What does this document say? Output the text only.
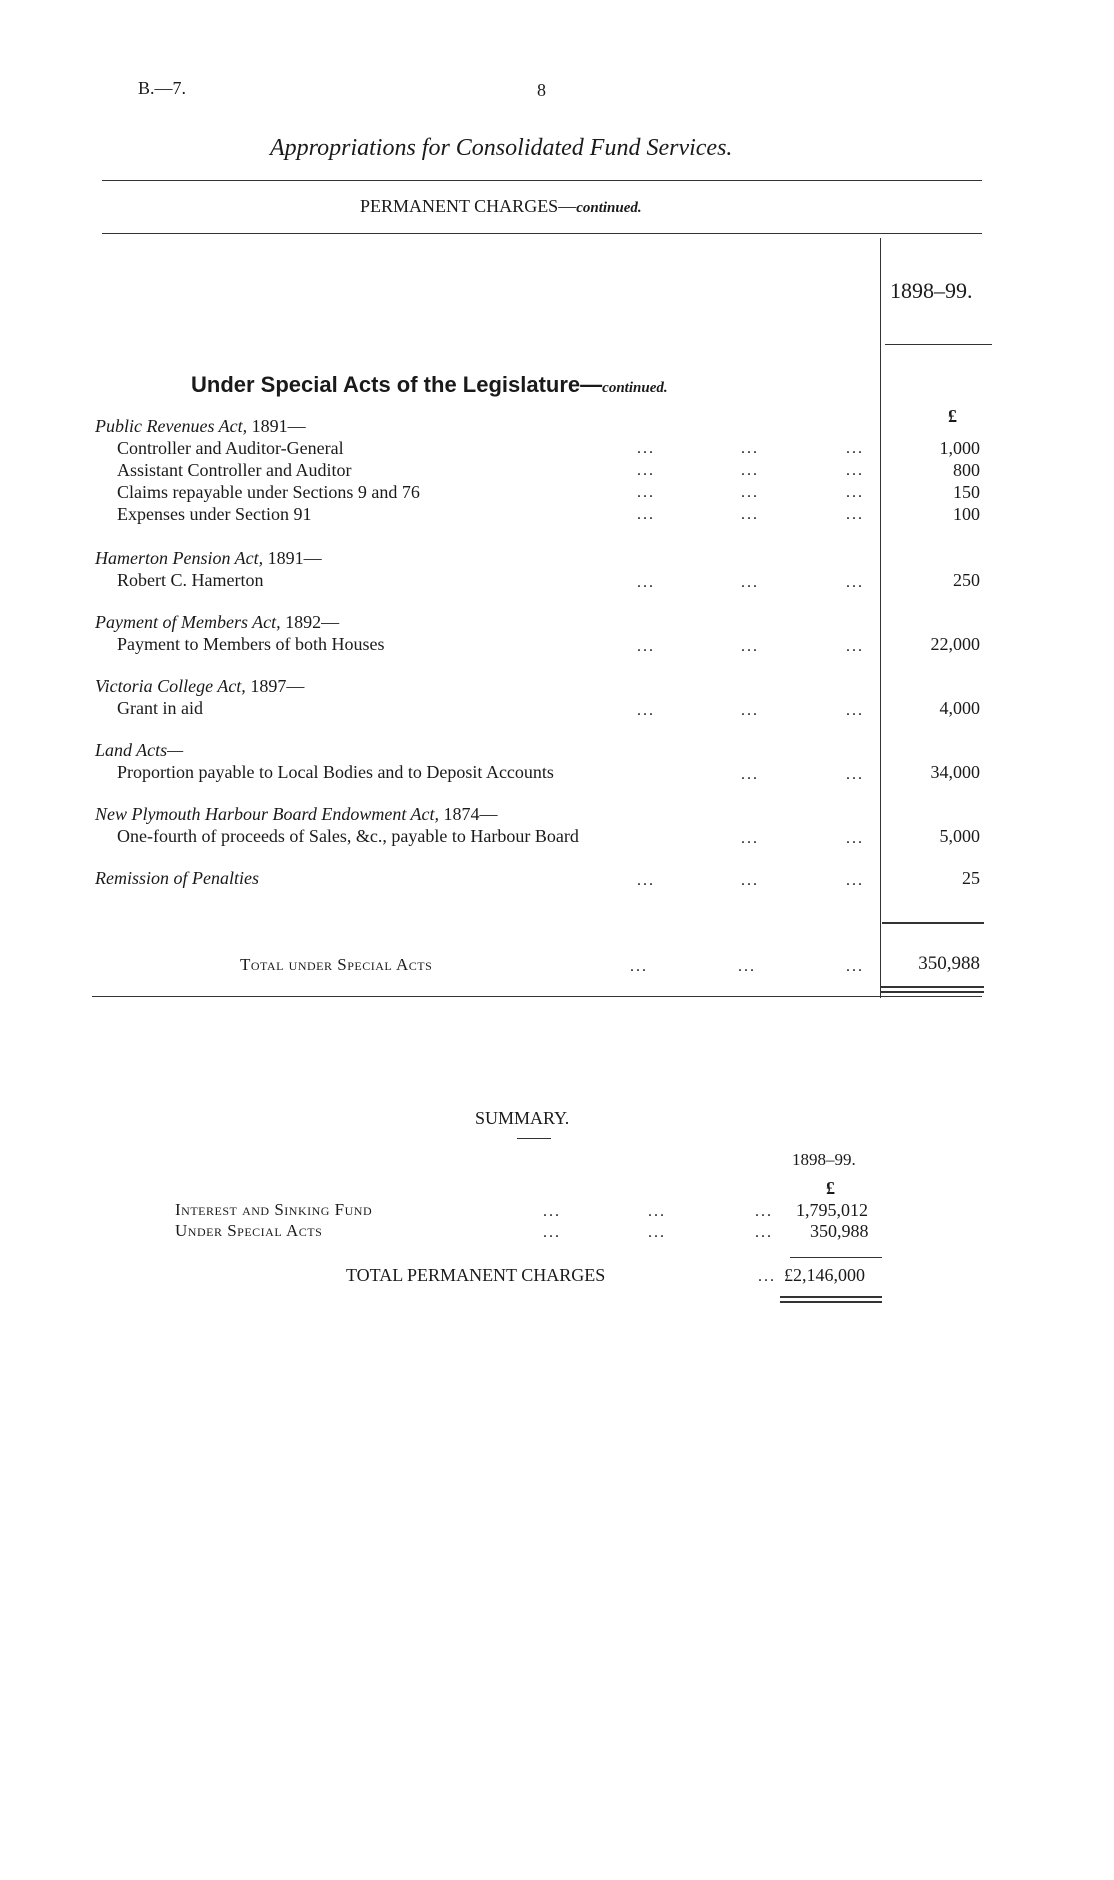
B.—7.	8
Appropriations for Consolidated Fund Services.
PERMANENT CHARGES—continued.
1898–99.
Under Special Acts of the Legislature—continued.
£
Public Revenues Act, 1891—
Controller and Auditor-General	...	...	...	1,000
Assistant Controller and Auditor	...	...	...	800
Claims repayable under Sections 9 and 76	...	...	...	150
Expenses under Section 91	...	...	...	100
Hamerton Pension Act, 1891—
Robert C. Hamerton	...	...	...	250
Payment of Members Act, 1892—
Payment to Members of both Houses	...	...	...	22,000
Victoria College Act, 1897—
Grant in aid	...	...	...	4,000
Land Acts—
Proportion payable to Local Bodies and to Deposit Accounts	...	...	34,000
New Plymouth Harbour Board Endowment Act, 1874—
One-fourth of proceeds of Sales, &c., payable to Harbour Board	...	...	5,000
Remission of Penalties	...	...	...	25
Total under Special Acts	...	...	...	350,988
SUMMARY.
1898–99.
£
Interest and Sinking Fund	...	...	... 1,795,012
Under Special Acts	...	...	... 350,988
TOTAL PERMANENT CHARGES	... £2,146,000
